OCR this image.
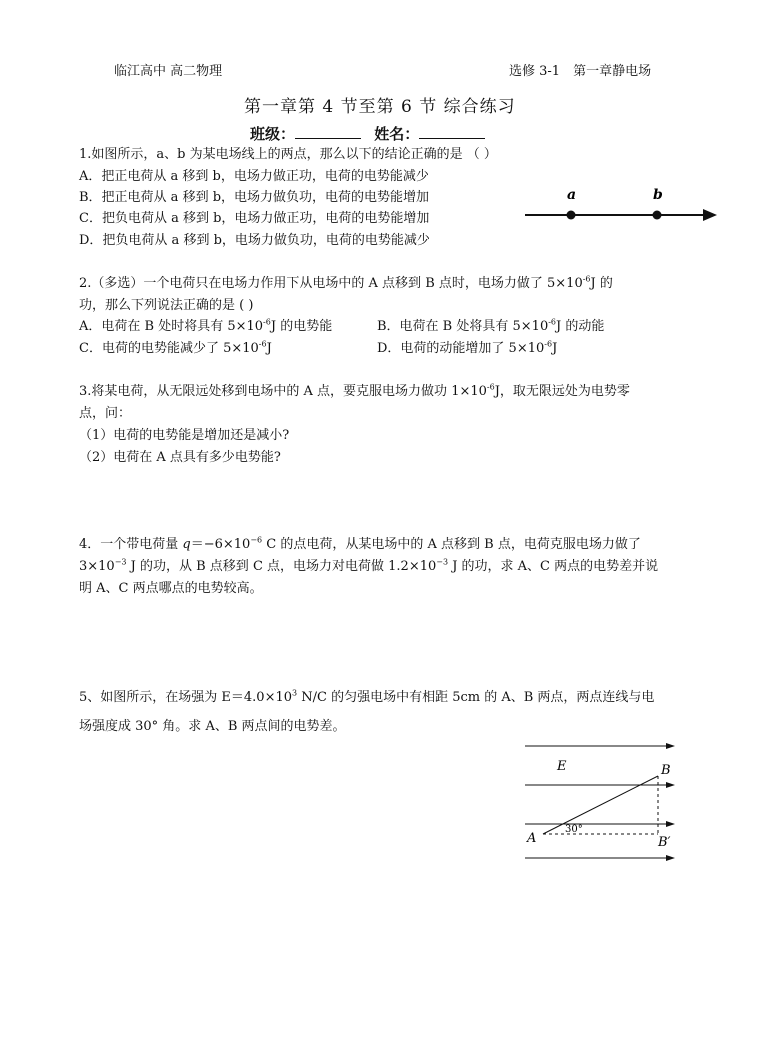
临江高中 高二物理	选修 3-1　第一章静电场
第一章第 4 节至第 6 节 综合练习
班级：	姓名：
1.如图所示，a、b 为某电场线上的两点，那么以下的结论正确的是 （ ）
A．把正电荷从 a 移到 b，电场力做正功，电荷的电势能减少
B．把正电荷从 a 移到 b，电场力做负功，电荷的电势能增加
C．把负电荷从 a 移到 b，电场力做正功，电荷的电势能增加
D．把负电荷从 a 移到 b，电场力做负功，电荷的电势能减少
a	b
2.（多选）一个电荷只在电场力作用下从电场中的 A 点移到 B 点时，电场力做了 $5\times 10^{-6}J$ 的
功，那么下列说法正确的是 ( )
A．电荷在 B 处时将具有 $5\times 10^{-6}J$ 的电势能	B．电荷在 B 处将具有 $5\times 10^{-6}J$ 的动能
C．电荷的电势能减少了 $5\times 10^{-6}J$	D．电荷的动能增加了 $5\times 10^{-6}J$
3.将某电荷，从无限远处移到电场中的 A 点，要克服电场力做功 $1\times 10^{-6}J$，取无限远处为电势零
点，问：
（1）电荷的电势能是增加还是减小?
（2）电荷在 A 点具有多少电势能?
4．一个带电荷量 $q=-6\times 10^{-6}$ C 的点电荷，从某电场中的 A 点移到 B 点，电荷克服电场力做了
$3\times 10^{-3}$ J 的功，从 B 点移到 C 点，电场力对电荷做 $1.2\times 10^{-3}$ J 的功，求 A、C 两点的电势差并说
明 A、C 两点哪点的电势较高。
5、如图所示，在场强为 $E=4.0\times 10^3$ N/C 的匀强电场中有相距 5cm 的 A、B 两点，两点连线与电
场强度成 30° 角。求 A、B 两点间的电势差。
E	B
A	B′
30°
